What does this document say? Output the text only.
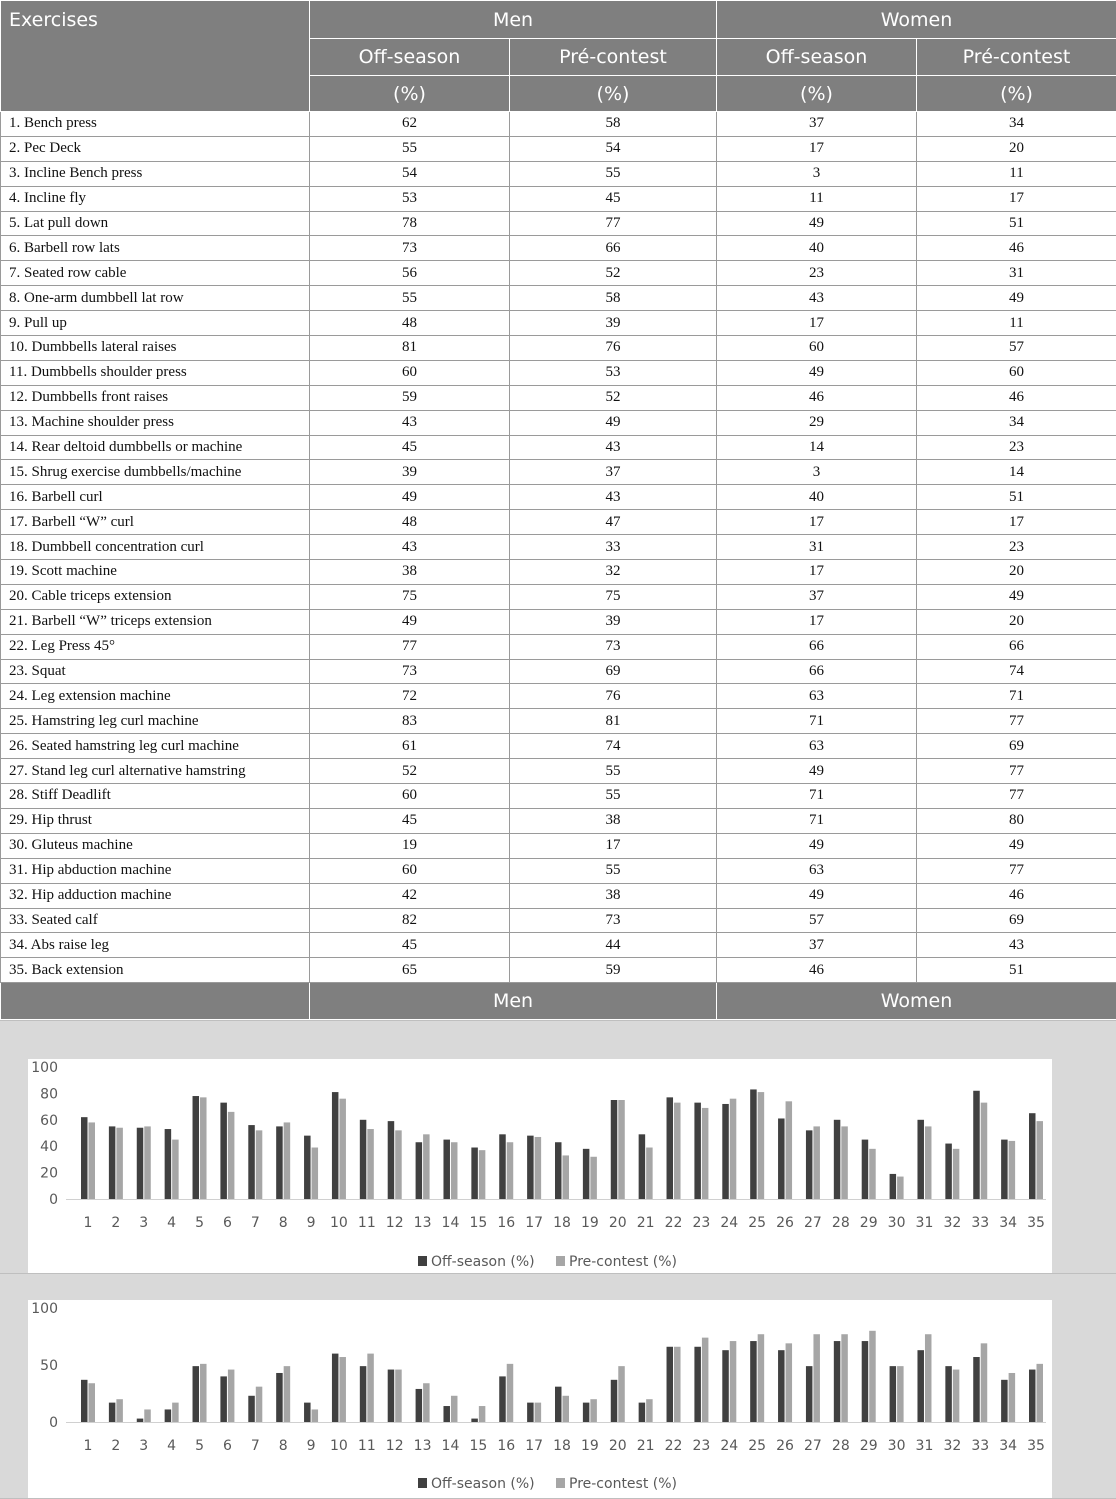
Exercises	Men		Women	
	Off-season	Pré-contest	Off-season	Pré-contest
	(%)	(%)	(%)	(%)
1. Bench press	62	58	37	34
2. Pec Deck	55	54	17	20
3. Incline Bench press	54	55	3	11
4. Incline fly	53	45	11	17
5. Lat pull down	78	77	49	51
6. Barbell row lats	73	66	40	46
7. Seated row cable	56	52	23	31
8. One-arm dumbbell lat row	55	58	43	49
9. Pull up	48	39	17	11
10. Dumbbells lateral raises	81	76	60	57
11. Dumbbells shoulder press	60	53	49	60
12. Dumbbells front raises	59	52	46	46
13. Machine shoulder press	43	49	29	34
14. Rear deltoid dumbbells or machine	45	43	14	23
15. Shrug exercise dumbbells/machine	39	37	3	14
16. Barbell curl	49	43	40	51
17. Barbell “W” curl	48	47	17	17
18. Dumbbell concentration curl	43	33	31	23
19. Scott machine	38	32	17	20
20. Cable triceps extension	75	75	37	49
21. Barbell “W” triceps extension	49	39	17	20
22. Leg Press 45°	77	73	66	66
23. Squat	73	69	66	74
24. Leg extension machine	72	76	63	71
25. Hamstring leg curl machine	83	81	71	77
26. Seated hamstring leg curl machine	61	74	63	69
27. Stand leg curl alternative hamstring	52	55	49	77
28. Stiff Deadlift	60	55	71	77
29. Hip thrust	45	38	71	80
30. Gluteus machine	19	17	49	49
31. Hip abduction machine	60	55	63	77
32. Hip adduction machine	42	38	49	46
33. Seated calf	82	73	57	69
34. Abs raise leg	45	44	37	43
35. Back extension	65	59	46	51
	Men		Women	
0
20
40
60
80
100
1 2 3 4 5 6 7 8 9 10 11 12 13 14 15 16 17 18 19 20 21 22 23 24 25 26 27 28 29 30 31 32 33 34 35
Off-season (%) Pre-contest (%)
0
50
100
1 2 3 4 5 6 7 8 9 10 11 12 13 14 15 16 17 18 19 20 21 22 23 24 25 26 27 28 29 30 31 32 33 34 35
Off-season (%) Pre-contest (%)
